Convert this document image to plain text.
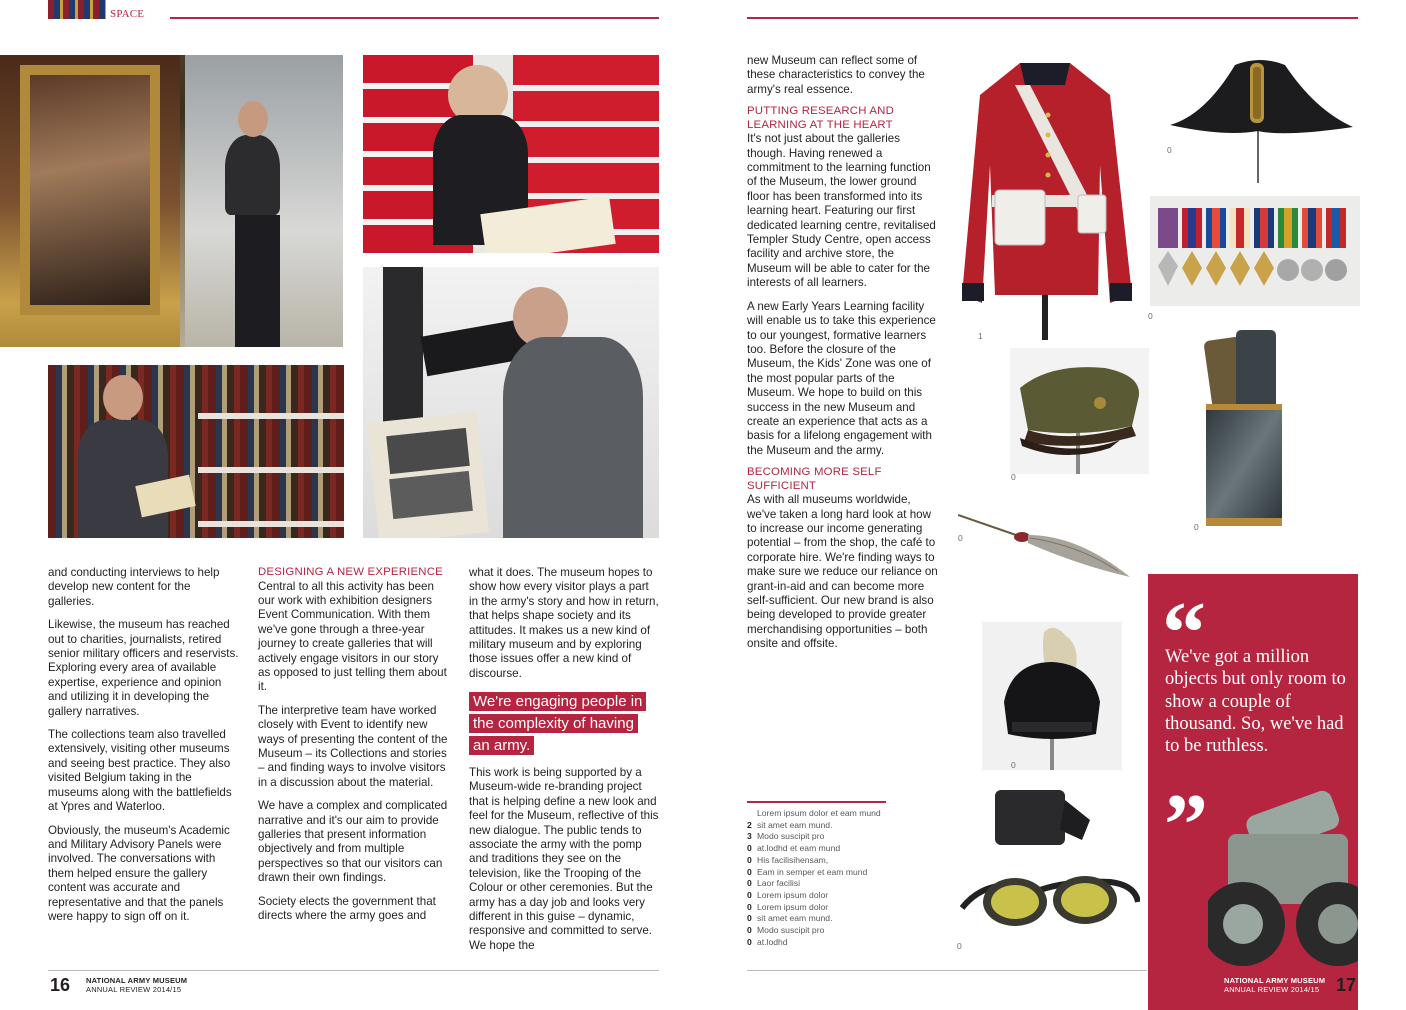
SPACE

and conducting interviews to help develop new content for the galleries.

Likewise, the museum has reached out to charities, journalists, retired senior military officers and reservists. Exploring every area of available expertise, experience and opinion and utilizing it in developing the gallery narratives.

The collections team also travelled extensively, visiting other museums and seeing best practice. They also visited Belgium taking in the museums along with the battlefields at Ypres and Waterloo.

Obviously, the museum's Academic and Military Advisory Panels were involved. The conversations with them helped ensure the gallery content was accurate and representative and that the panels were happy to sign off on it.

DESIGNING A NEW EXPERIENCE

Central to all this activity has been our work with exhibition designers Event Communication. With them we've gone through a three-year journey to create galleries that will actively engage visitors in our story as opposed to just telling them about it.

The interpretive team have worked closely with Event to identify new ways of presenting the content of the Museum – its Collections and stories – and finding ways to involve visitors in a discussion about the material.

We have a complex and complicated narrative and it's our aim to provide galleries that present information objectively and from multiple perspectives so that our visitors can drawn their own findings.

Society elects the government that directs where the army goes and

what it does. The museum hopes to show how every visitor plays a part in the army's story and how in return, that helps shape society and its attitudes. It makes us a new kind of military museum and by exploring those issues offer a new kind of discourse.

We're engaging people in the complexity of having an army.

This work is being supported by a Museum-wide re-branding project that is helping define a new look and feel for the Museum, reflective of this new dialogue. The public tends to associate the army with the pomp and traditions they see on the television, like the Trooping of the Colour or other ceremonies. But the army has a day job and looks very different in this guise – dynamic, responsive and committed to serve. We hope the

16 NATIONAL ARMY MUSEUM
ANNUAL REVIEW 2014/15

new Museum can reflect some of these characteristics to convey the army's real essence.

PUTTING RESEARCH AND LEARNING AT THE HEART

It's not just about the galleries though. Having renewed a commitment to the learning function of the Museum, the lower ground floor has been transformed into its learning heart. Featuring our first dedicated learning centre, revitalised Templer Study Centre, open access facility and archive store, the Museum will be able to cater for the interests of all learners.

A new Early Years Learning facility will enable us to take this experience to our youngest, formative learners too. Before the closure of the Museum, the Kids' Zone was one of the most popular parts of the Museum. We hope to build on this success in the new Museum and create an experience that acts as a basis for a lifelong engagement with the Museum and the army.

BECOMING MORE SELF SUFFICIENT

As with all museums worldwide, we've taken a long hard look at how to increase our income generating potential – from the shop, the café to corporate hire. We're finding ways to make sure we reduce our reliance on grant-in-aid and can become more self-sufficient. Our new brand is also being developed to provide greater merchandising opportunities – both onsite and offsite.

Lorem ipsum dolor et eam mund
2 sit amet eam mund.
3 Modo suscipit pro
0 at.lodhd et eam mund
0 His facilisihensam,
0 Eam in semper et eam mund
0 Laor facilisi
0 Lorem ipsum dolor
0 Lorem ipsum dolor
0 sit amet eam mund.
0 Modo suscipit pro
0 at.lodhd
1
0
0
0
0
0
0
0
“
We've got a million objects but only room to show a couple of thousand. So, we've had to be ruthless.
”
NATIONAL ARMY MUSEUM
ANNUAL REVIEW 2014/15 17
